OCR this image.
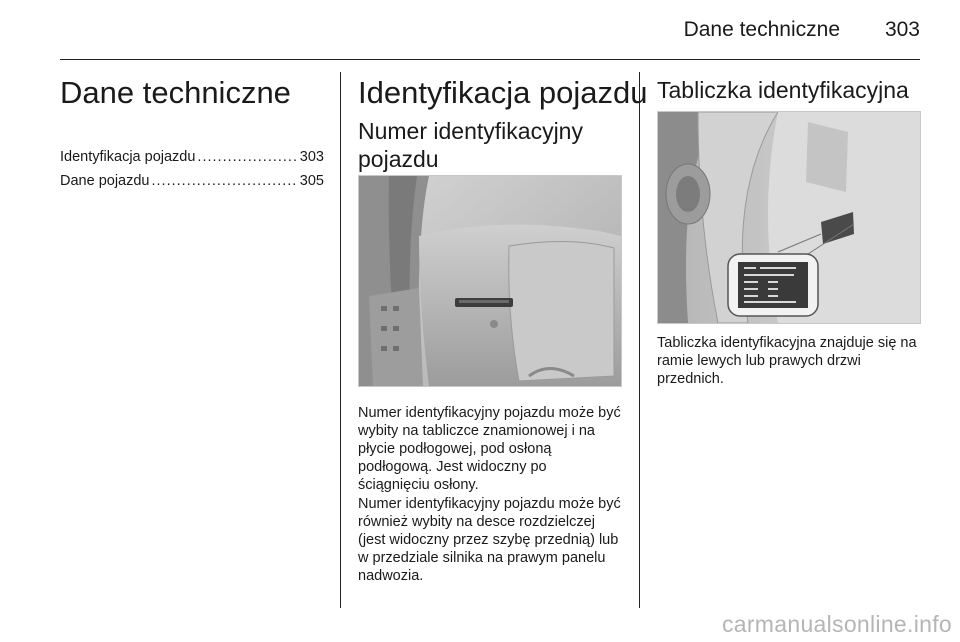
Dane techniczne 303
Dane techniczne
Identyfikacja pojazdu .....	303
Dane pojazdu .....	305
Identyfikacja pojazdu
Numer identyfikacyjny pojazdu

Numer identyfikacyjny pojazdu może być wybity na tabliczce znamionowej i na płycie podłogowej, pod osłoną podłogową. Jest widoczny po ściągnięciu osłony.

Numer identyfikacyjny pojazdu może być również wybity na desce rozdzielczej (jest widoczny przez szybę przednią) lub w przedziale silnika na prawym panelu nadwozia.

Tabliczka identyfikacyjna

Tabliczka identyfikacyjna znajduje się na ramie lewych lub prawych drzwi przednich.

carmanualsonline.info
